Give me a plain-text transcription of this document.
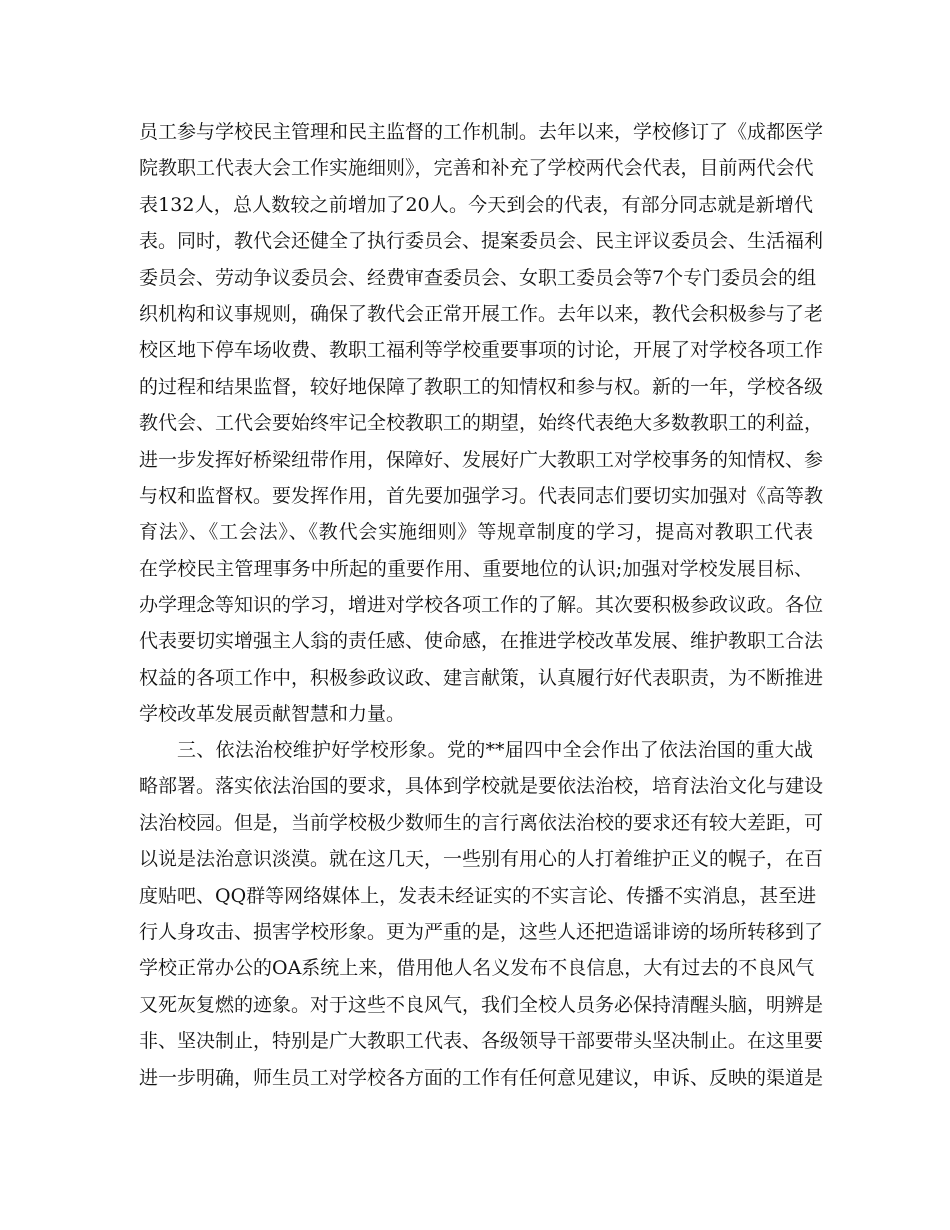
员工参与学校民主管理和民主监督的工作机制。去年以来，学校修订了《成都医学
院教职工代表大会工作实施细则》，完善和补充了学校两代会代表，目前两代会代
表132人，总人数较之前增加了20人。今天到会的代表，有部分同志就是新增代
表。同时，教代会还健全了执行委员会、提案委员会、民主评议委员会、生活福利
委员会、劳动争议委员会、经费审查委员会、女职工委员会等7个专门委员会的组
织机构和议事规则，确保了教代会正常开展工作。去年以来，教代会积极参与了老
校区地下停车场收费、教职工福利等学校重要事项的讨论，开展了对学校各项工作
的过程和结果监督，较好地保障了教职工的知情权和参与权。新的一年，学校各级
教代会、工代会要始终牢记全校教职工的期望，始终代表绝大多数教职工的利益，
进一步发挥好桥梁纽带作用，保障好、发展好广大教职工对学校事务的知情权、参
与权和监督权。要发挥作用，首先要加强学习。代表同志们要切实加强对《高等教
育法》、《工会法》、《教代会实施细则》等规章制度的学习，提高对教职工代表
在学校民主管理事务中所起的重要作用、重要地位的认识;加强对学校发展目标、
办学理念等知识的学习，增进对学校各项工作的了解。其次要积极参政议政。各位
代表要切实增强主人翁的责任感、使命感，在推进学校改革发展、维护教职工合法
权益的各项工作中，积极参政议政、建言献策，认真履行好代表职责，为不断推进
学校改革发展贡献智慧和力量。
三、依法治校维护好学校形象。党的**届四中全会作出了依法治国的重大战
略部署。落实依法治国的要求，具体到学校就是要依法治校，培育法治文化与建设
法治校园。但是，当前学校极少数师生的言行离依法治校的要求还有较大差距，可
以说是法治意识淡漠。就在这几天，一些别有用心的人打着维护正义的幌子，在百
度贴吧、QQ群等网络媒体上，发表未经证实的不实言论、传播不实消息，甚至进
行人身攻击、损害学校形象。更为严重的是，这些人还把造谣诽谤的场所转移到了
学校正常办公的OA系统上来，借用他人名义发布不良信息，大有过去的不良风气
又死灰复燃的迹象。对于这些不良风气，我们全校人员务必保持清醒头脑，明辨是
非、坚决制止，特别是广大教职工代表、各级领导干部要带头坚决制止。在这里要
进一步明确，师生员工对学校各方面的工作有任何意见建议，申诉、反映的渠道是
